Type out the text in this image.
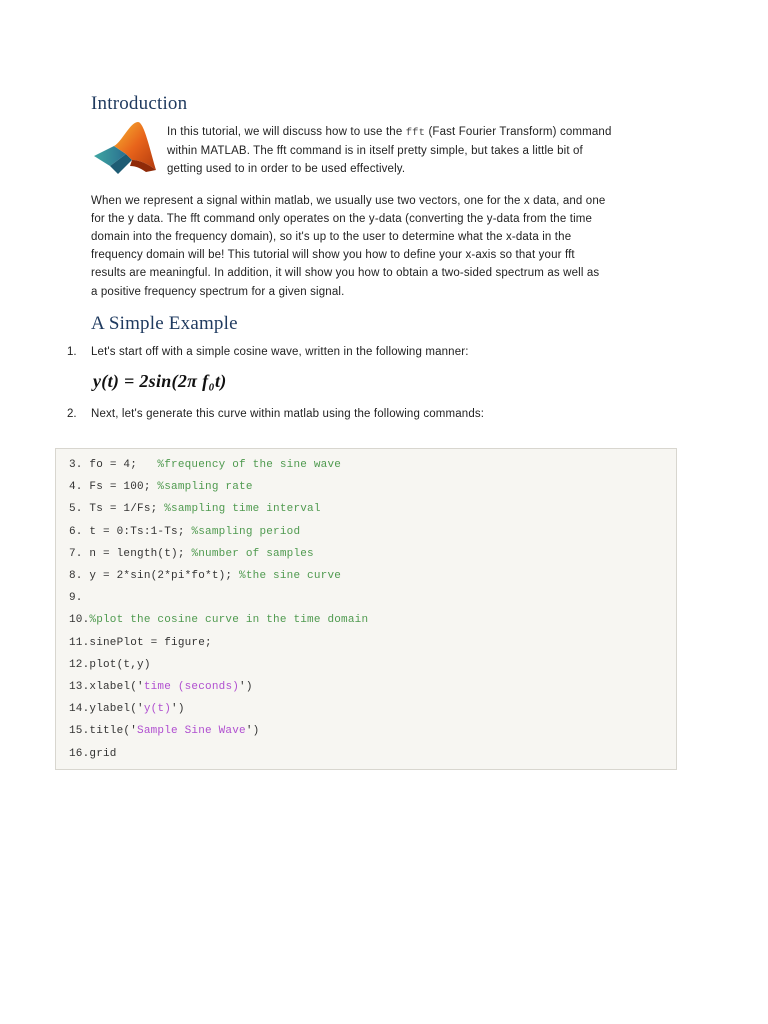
Introduction

In this tutorial, we will discuss how to use the fft (Fast Fourier Transform) command

within MATLAB. The fft command is in itself pretty simple, but takes a little bit of

getting used to in order to be used effectively.

When we represent a signal within matlab, we usually use two vectors, one for the x data, and one

for the y data. The fft command only operates on the y-data (converting the y-data from the time

domain into the frequency domain), so it's up to the user to determine what the x-data in the

frequency domain will be! This tutorial will show you how to define your x-axis so that your fft

results are meaningful. In addition, it will show you how to obtain a two-sided spectrum as well as

a positive frequency spectrum for a given signal.

A Simple Example
1. Let's start off with a simple cosine wave, written in the following manner:
y(t) = 2sin(2π f₀t)
2. Next, let's generate this curve within matlab using the following commands:
3. fo = 4;   %frequency of the sine wave
4. Fs = 100; %sampling rate
5. Ts = 1/Fs; %sampling time interval
6. t = 0:Ts:1-Ts; %sampling period
7. n = length(t); %number of samples
8. y = 2*sin(2*pi*fo*t); %the sine curve
9.
10.%plot the cosine curve in the time domain
11.sinePlot = figure;
12.plot(t,y)
13.xlabel('time (seconds)')
14.ylabel('y(t)')
15.title('Sample Sine Wave')
16.grid
